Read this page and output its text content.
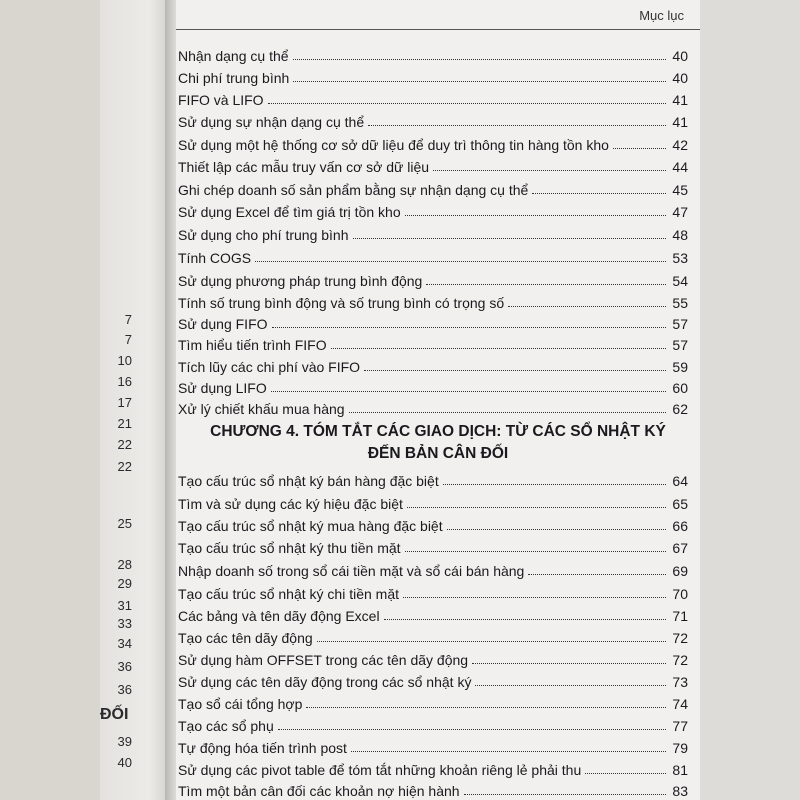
7
7
10
16
17
21
22
22
25
28
29
31
33
34
36
36
ĐỐI
39
40
Mục lục
Nhận dạng cụ thể	40
Chi phí trung bình	40
FIFO và LIFO	41
Sử dụng sự nhận dạng cụ thể	41
Sử dụng một hệ thống cơ sở dữ liệu để duy trì thông tin hàng tồn kho	42
Thiết lập các mẫu truy vấn cơ sở dữ liệu	44
Ghi chép doanh số sản phẩm bằng sự nhận dạng cụ thể	45
Sử dụng Excel để tìm giá trị tồn kho	47
Sử dụng cho phí trung bình	48
Tính COGS	53
Sử dụng phương pháp trung bình động	54
Tính số trung bình động và số trung bình có trọng số	55
Sử dụng FIFO	57
Tìm hiểu tiến trình FIFO	57
Tích lũy các chi phí vào FIFO	59
Sử dụng LIFO	60
Xử lý chiết khấu mua hàng	62
CHƯƠNG 4. TÓM TẮT CÁC GIAO DỊCH: TỪ CÁC SỔ NHẬT KÝ
ĐẾN BẢN CÂN ĐỐI
Tạo cấu trúc sổ nhật ký bán hàng đặc biệt	64
Tìm và sử dụng các ký hiệu đặc biệt	65
Tạo cấu trúc sổ nhật ký mua hàng đặc biệt	66
Tạo cấu trúc sổ nhật ký thu tiền mặt	67
Nhập doanh số trong sổ cái tiền mặt và sổ cái bán hàng	69
Tạo cấu trúc sổ nhật ký chi tiền mặt	70
Các bảng và tên dãy động Excel	71
Tạo các tên dãy động	72
Sử dụng hàm OFFSET trong các tên dãy động	72
Sử dụng các tên dãy động trong các sổ nhật ký	73
Tạo sổ cái tổng hợp	74
Tạo các sổ phụ	77
Tự động hóa tiến trình post	79
Sử dụng các pivot table để tóm tắt những khoản riêng lẻ phải thu	81
Tìm một bản cân đối các khoản nợ hiện hành	83
